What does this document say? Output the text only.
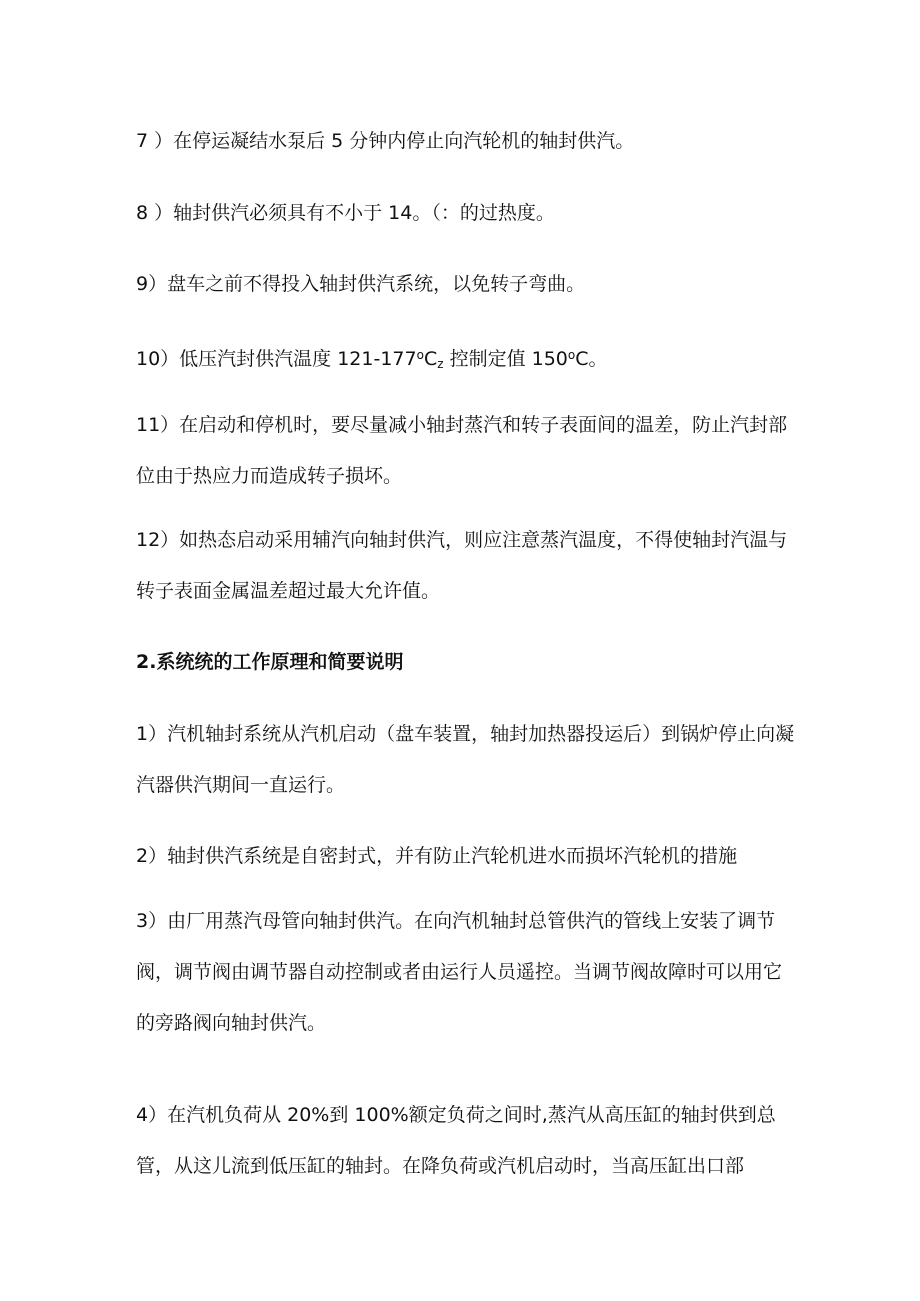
7 ）在停运凝结水泵后 5 分钟内停止向汽轮机的轴封供汽。

8 ）轴封供汽必须具有不小于 14。（：的过热度。

9）盘车之前不得投入轴封供汽系统，以免转子弯曲。

10）低压汽封供汽温度 $121-177^oC_z$ 控制定值 150$^o$C。

11）在启动和停机时，要尽量减小轴封蒸汽和转子表面间的温差，防止汽封部位由于热应力而造成转子损坏。

12）如热态启动采用辅汽向轴封供汽，则应注意蒸汽温度，不得使轴封汽温与转子表面金属温差超过最大允许值。

2.系统统的工作原理和简要说明

1）汽机轴封系统从汽机启动（盘车装置，轴封加热器投运后）到锅炉停止向凝汽器供汽期间一直运行。

2）轴封供汽系统是自密封式，并有防止汽轮机进水而损坏汽轮机的措施

3）由厂用蒸汽母管向轴封供汽。在向汽机轴封总管供汽的管线上安装了调节阀，调节阀由调节器自动控制或者由运行人员遥控。当调节阀故障时可以用它的旁路阀向轴封供汽。

4）在汽机负荷从 20%到 100%额定负荷之间时,蒸汽从高压缸的轴封供到总管，从这儿流到低压缸的轴封。在降负荷或汽机启动时，当高压缸出口部
